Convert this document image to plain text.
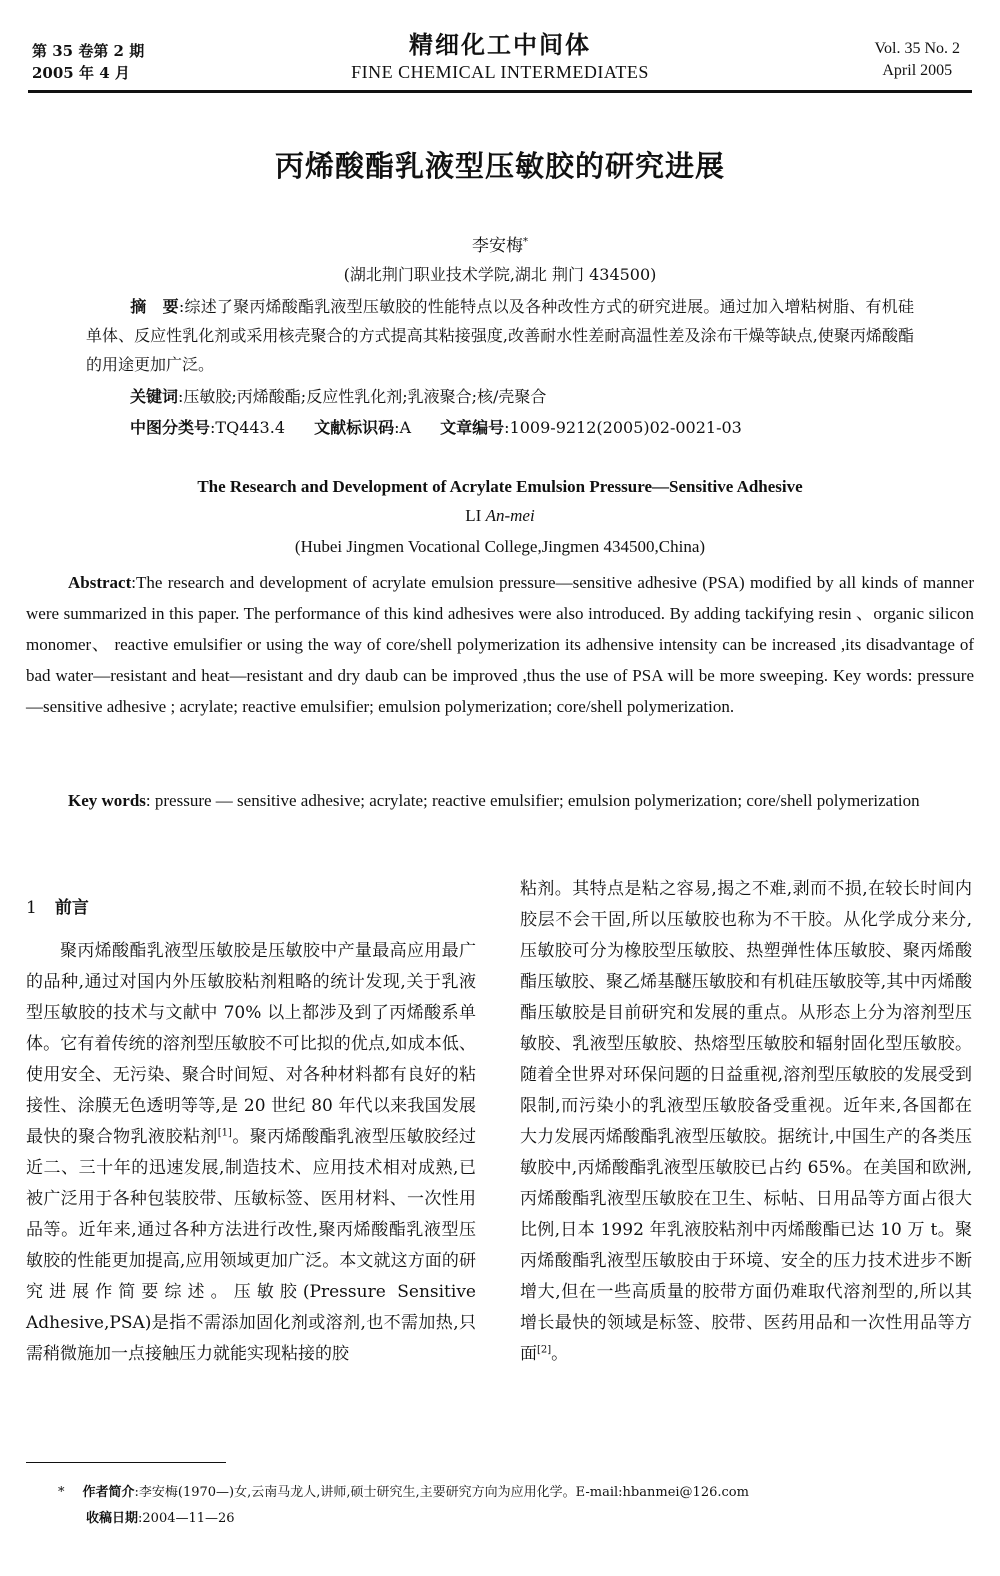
第 35 卷第 2 期
2005 年 4 月
精细化工中间体
FINE CHEMICAL INTERMEDIATES
Vol. 35 No. 2
April 2005
丙烯酸酯乳液型压敏胶的研究进展
李安梅*
(湖北荆门职业技术学院,湖北 荆门 434500)
摘　要:综述了聚丙烯酸酯乳液型压敏胶的性能特点以及各种改性方式的研究进展。通过加入增粘树脂、有机硅单体、反应性乳化剂或采用核壳聚合的方式提高其粘接强度,改善耐水性差耐高温性差及涂布干燥等缺点,使聚丙烯酸酯的用途更加广泛。
关键词:压敏胶;丙烯酸酯;反应性乳化剂;乳液聚合;核/壳聚合
中图分类号:TQ443.4 文献标识码:A 文章编号:1009-9212(2005)02-0021-03
The Research and Development of Acrylate Emulsion Pressure—Sensitive Adhesive
LI An-mei
(Hubei Jingmen Vocational College,Jingmen 434500,China)
Abstract:The research and development of acrylate emulsion pressure—sensitive adhesive (PSA) modified by all kinds of manner were summarized in this paper. The performance of this kind adhesives were also introduced. By adding tackifying resin 、organic silicon monomer、 reactive emulsifier or using the way of core/shell polymerization its adhensive intensity can be increased ,its disadvantage of bad water—resistant and heat—resistant and dry daub can be improved ,thus the use of PSA will be more sweeping. Key words: pressure—sensitive adhesive ; acrylate; reactive emulsifier; emulsion polymerization; core/shell polymerization.
Key words: pressure — sensitive adhesive; acrylate; reactive emulsifier; emulsion polymerization; core/shell polymerization
1 前言
聚丙烯酸酯乳液型压敏胶是压敏胶中产量最高应用最广的品种,通过对国内外压敏胶粘剂粗略的统计发现,关于乳液型压敏胶的技术与文献中 70% 以上都涉及到了丙烯酸系单体。它有着传统的溶剂型压敏胶不可比拟的优点,如成本低、使用安全、无污染、聚合时间短、对各种材料都有良好的粘接性、涂膜无色透明等等,是 20 世纪 80 年代以来我国发展最快的聚合物乳液胶粘剂[1]。聚丙烯酸酯乳液型压敏胶经过近二、三十年的迅速发展,制造技术、应用技术相对成熟,已被广泛用于各种包装胶带、压敏标签、医用材料、一次性用品等。近年来,通过各种方法进行改性,聚丙烯酸酯乳液型压敏胶的性能更加提高,应用领域更加广泛。本文就这方面的研究进展作简要综述。压敏胶(Pressure Sensitive Adhesive,PSA)是指不需添加固化剂或溶剂,也不需加热,只需稍微施加一点接触压力就能实现粘接的胶
粘剂。其特点是粘之容易,揭之不难,剥而不损,在较长时间内胶层不会干固,所以压敏胶也称为不干胶。从化学成分来分,压敏胶可分为橡胶型压敏胶、热塑弹性体压敏胶、聚丙烯酸酯压敏胶、聚乙烯基醚压敏胶和有机硅压敏胶等,其中丙烯酸酯压敏胶是目前研究和发展的重点。从形态上分为溶剂型压敏胶、乳液型压敏胶、热熔型压敏胶和辐射固化型压敏胶。随着全世界对环保问题的日益重视,溶剂型压敏胶的发展受到限制,而污染小的乳液型压敏胶备受重视。近年来,各国都在大力发展丙烯酸酯乳液型压敏胶。据统计,中国生产的各类压敏胶中,丙烯酸酯乳液型压敏胶已占约 65%。在美国和欧洲,丙烯酸酯乳液型压敏胶在卫生、标帖、日用品等方面占很大比例,日本 1992 年乳液胶粘剂中丙烯酸酯已达 10 万 t。聚丙烯酸酯乳液型压敏胶由于环境、安全的压力技术进步不断增大,但在一些高质量的胶带方面仍难取代溶剂型的,所以其增长最快的领域是标签、胶带、医药用品和一次性用品等方面[2]。
* 作者简介:李安梅(1970—)女,云南马龙人,讲师,硕士研究生,主要研究方向为应用化学。E-mail:hbanmei@126.com
收稿日期:2004—11—26
